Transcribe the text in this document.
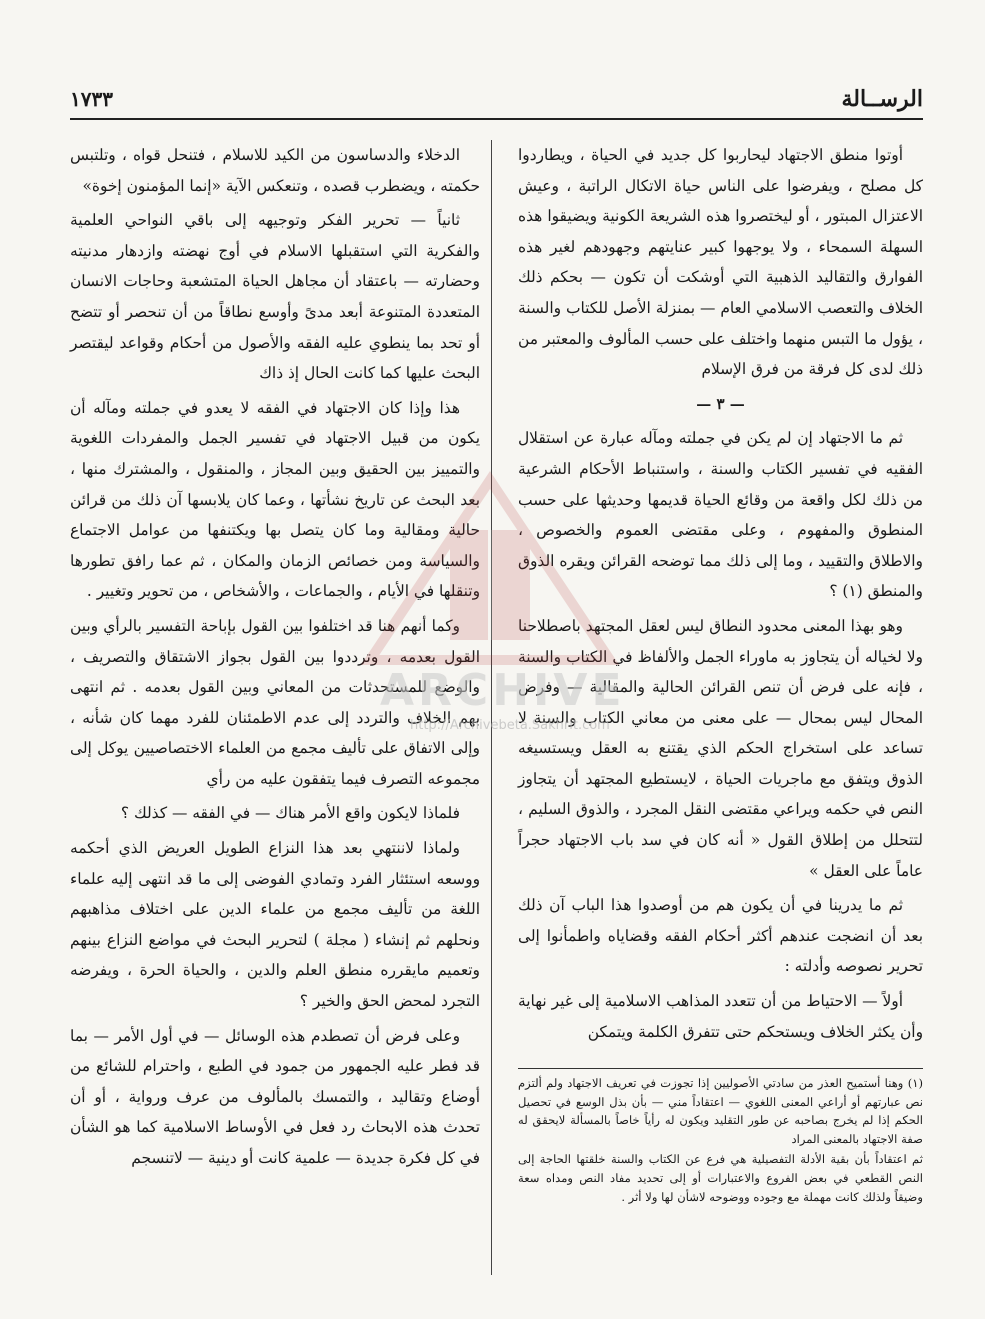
١٧٣٣	الرســالة

أوتوا منطق الاجتهاد ليحاربوا كل جديد في الحياة ، ويطاردوا كل مصلح ، ويفرضوا على الناس حياة الاتكال الراتبة ، وعيش الاعتزال المبتور ، أو ليختصروا هذه الشريعة الكونية ويضيقوا هذه السهلة السمحاء ، ولا يوجهوا كبير عنايتهم وجهودهم لغير هذه الفوارق والتقاليد الذهبية التي أوشكت أن تكون — بحكم ذلك الخلاف والتعصب الاسلامي العام — بمنزلة الأصل للكتاب والسنة ، يؤول ما التبس منهما واختلف على حسب المألوف والمعتبر من ذلك لدى كل فرقة من فرق الإسلام

— ٣ —

ثم ما الاجتهاد إن لم يكن في جملته ومآله عبارة عن استقلال الفقيه في تفسير الكتاب والسنة ، واستنباط الأحكام الشرعية من ذلك لكل واقعة من وقائع الحياة قديمها وحديثها على حسب المنطوق والمفهوم ، وعلى مقتضى العموم والخصوص ، والاطلاق والتقييد ، وما إلى ذلك مما توضحه القرائن ويقره الذوق والمنطق (١) ؟

وهو بهذا المعنى محدود النطاق ليس لعقل المجتهد باصطلاحنا ولا لخياله أن يتجاوز به ماوراء الجمل والألفاظ في الكتاب والسنة ، فإنه على فرض أن تنص القرائن الحالية والمقالية — وفرض المحال ليس بمحال — على معنى من معاني الكتاب والسنة لا تساعد على استخراج الحكم الذي يقتنع به العقل ويستسيغه الذوق ويتفق مع ماجريات الحياة ، لايستطيع المجتهد أن يتجاوز النص في حكمه ويراعي مقتضى النقل المجرد ، والذوق السليم ، لتتحلل من إطلاق القول « أنه كان في سد باب الاجتهاد حجراً عاماً على العقل »

ثم ما يدرينا في أن يكون هم من أوصدوا هذا الباب آن ذلك بعد أن انضجت عندهم أكثر أحكام الفقه وقضاياه واطمأنوا إلى تحرير نصوصه وأدلته :

أولاً — الاحتياط من أن تتعدد المذاهب الاسلامية إلى غير نهاية وأن يكثر الخلاف ويستحكم حتى تتفرق الكلمة ويتمكن

الدخلاء والدساسون من الكيد للاسلام ، فتنحل قواه ، وتلتبس حكمته ، ويضطرب قصده ، وتنعكس الآية «إنما المؤمنون إخوة»

ثانياً — تحرير الفكر وتوجيهه إلى باقي النواحي العلمية والفكرية التي استقبلها الاسلام في أوج نهضته وازدهار مدنيته وحضارته — باعتقاد أن مجاهل الحياة المتشعبة وحاجات الانسان المتعددة المتنوعة أبعد مدىً وأوسع نطاقاً من أن تنحصر أو تتضح أو تحد بما ينطوي عليه الفقه والأصول من أحكام وقواعد ليقتصر البحث عليها كما كانت الحال إذ ذاك

هذا وإذا كان الاجتهاد في الفقه لا يعدو في جملته ومآله أن يكون من قبيل الاجتهاد في تفسير الجمل والمفردات اللغوية والتمييز بين الحقيق وبين المجاز ، والمنقول ، والمشترك منها ، بعد البحث عن تاريخ نشأتها ، وعما كان يلابسها آن ذلك من قرائن حالية ومقالية وما كان يتصل بها ويكتنفها من عوامل الاجتماع والسياسة ومن خصائص الزمان والمكان ، ثم عما رافق تطورها وتنقلها في الأيام ، والجماعات ، والأشخاص ، من تحوير وتغيير .

وكما أنهم هنا قد اختلفوا بين القول بإباحة التفسير بالرأي وبين القول بعدمه ، وترددوا بين القول بجواز الاشتقاق والتصريف ، والوضع للمستحدثات من المعاني وبين القول بعدمه . ثم انتهى بهم الخلاف والتردد إلى عدم الاطمئنان للفرد مهما كان شأنه ، وإلى الاتفاق على تأليف مجمع من العلماء الاختصاصيين يوكل إلى مجموعه التصرف فيما يتفقون عليه من رأي

فلماذا لايكون واقع الأمر هناك — في الفقه — كذلك ؟

ولماذا لاننتهي بعد هذا النزاع الطويل العريض الذي أحكمه ووسعه استئثار الفرد وتمادي الفوضى إلى ما قد انتهى إليه علماء اللغة من تأليف مجمع من علماء الدين على اختلاف مذاهبهم ونحلهم ثم إنشاء ( مجلة ) لتحرير البحث في مواضع النزاع بينهم وتعميم مايقرره منطق العلم والدين ، والحياة الحرة ، ويفرضه التجرد لمحض الحق والخير ؟

وعلى فرض أن تصطدم هذه الوسائل — في أول الأمر — بما قد فطر عليه الجمهور من جمود في الطبع ، واحترام للشائع من أوضاع وتقاليد ، والتمسك بالمألوف من عرف ورواية ، أو أن تحدث هذه الابحاث رد فعل في الأوساط الاسلامية كما هو الشأن في كل فكرة جديدة — علمية كانت أو دينية — لاتنسجم

(١) وهنا أستميح العذر من سادتي الأصوليين إذا تجوزت في تعريف الاجتهاد ولم ألتزم نص عبارتهم أو أراعي المعنى اللغوي — اعتقاداً مني — بأن بذل الوسع في تحصيل الحكم إذا لم يخرج بصاحبه عن طور التقليد ويكون له رأياً خاصاً بالمسألة لايحقق له صفة الاجتهاد بالمعنى المراد

ثم اعتقاداً بأن بقية الأدلة التفصيلية هي فرع عن الكتاب والسنة خلقتها الحاجة إلى النص القطعي في بعض الفروع والاعتبارات أو إلى تحديد مفاد النص ومداه سعة وضيقاً ولذلك كانت مهملة مع وجوده ووضوحه لاشأن لها ولا أثر .

ARCHIVE
http://Archivebeta.Sakhrit.com
